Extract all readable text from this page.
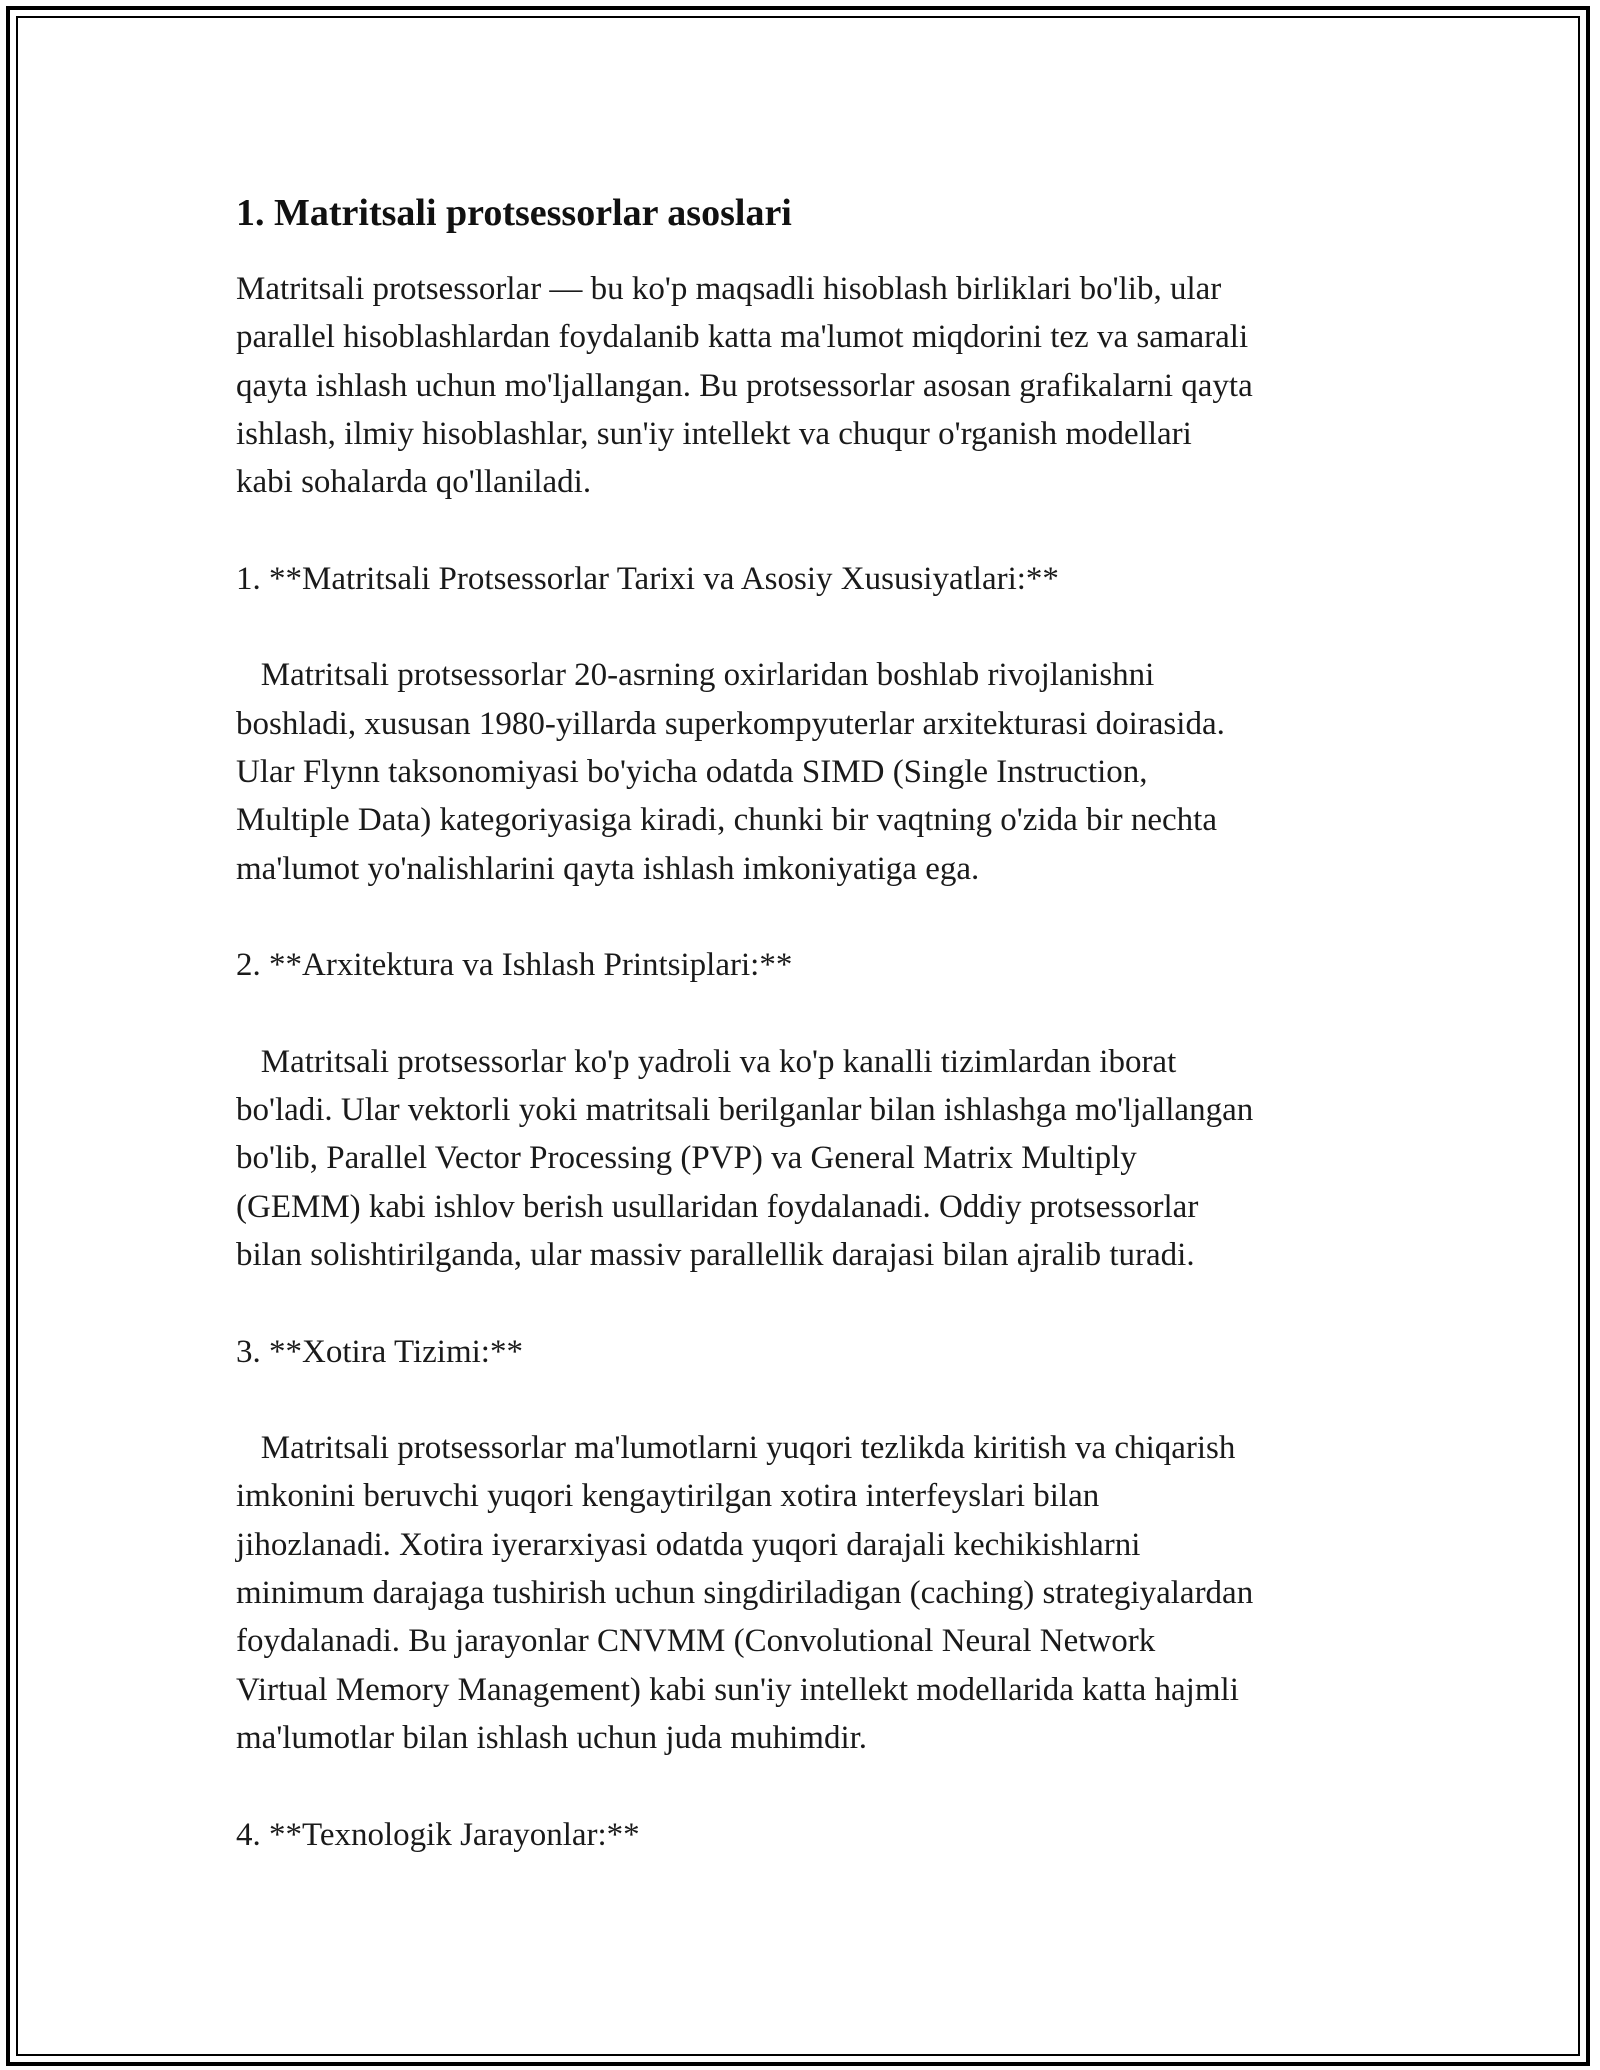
1. Matritsali protsessorlar asoslari

Matritsali protsessorlar — bu ko'p maqsadli hisoblash birliklari bo'lib, ular
parallel hisoblashlardan foydalanib katta ma'lumot miqdorini tez va samarali
qayta ishlash uchun mo'ljallangan. Bu protsessorlar asosan grafikalarni qayta
ishlash, ilmiy hisoblashlar, sun'iy intellekt va chuqur o'rganish modellari
kabi sohalarda qo'llaniladi.

1. **Matritsali Protsessorlar Tarixi va Asosiy Xususiyatlari:**

Matritsali protsessorlar 20-asrning oxirlaridan boshlab rivojlanishni
boshladi, xususan 1980-yillarda superkompyuterlar arxitekturasi doirasida.
Ular Flynn taksonomiyasi bo'yicha odatda SIMD (Single Instruction,
Multiple Data) kategoriyasiga kiradi, chunki bir vaqtning o'zida bir nechta
ma'lumot yo'nalishlarini qayta ishlash imkoniyatiga ega.

2. **Arxitektura va Ishlash Printsiplari:**

Matritsali protsessorlar ko'p yadroli va ko'p kanalli tizimlardan iborat
bo'ladi. Ular vektorli yoki matritsali berilganlar bilan ishlashga mo'ljallangan
bo'lib, Parallel Vector Processing (PVP) va General Matrix Multiply
(GEMM) kabi ishlov berish usullaridan foydalanadi. Oddiy protsessorlar
bilan solishtirilganda, ular massiv parallellik darajasi bilan ajralib turadi.

3. **Xotira Tizimi:**

Matritsali protsessorlar ma'lumotlarni yuqori tezlikda kiritish va chiqarish
imkonini beruvchi yuqori kengaytirilgan xotira interfeyslari bilan
jihozlanadi. Xotira iyerarxiyasi odatda yuqori darajali kechikishlarni
minimum darajaga tushirish uchun singdiriladigan (caching) strategiyalardan
foydalanadi. Bu jarayonlar CNVMM (Convolutional Neural Network
Virtual Memory Management) kabi sun'iy intellekt modellarida katta hajmli
ma'lumotlar bilan ishlash uchun juda muhimdir.

4. **Texnologik Jarayonlar:**
